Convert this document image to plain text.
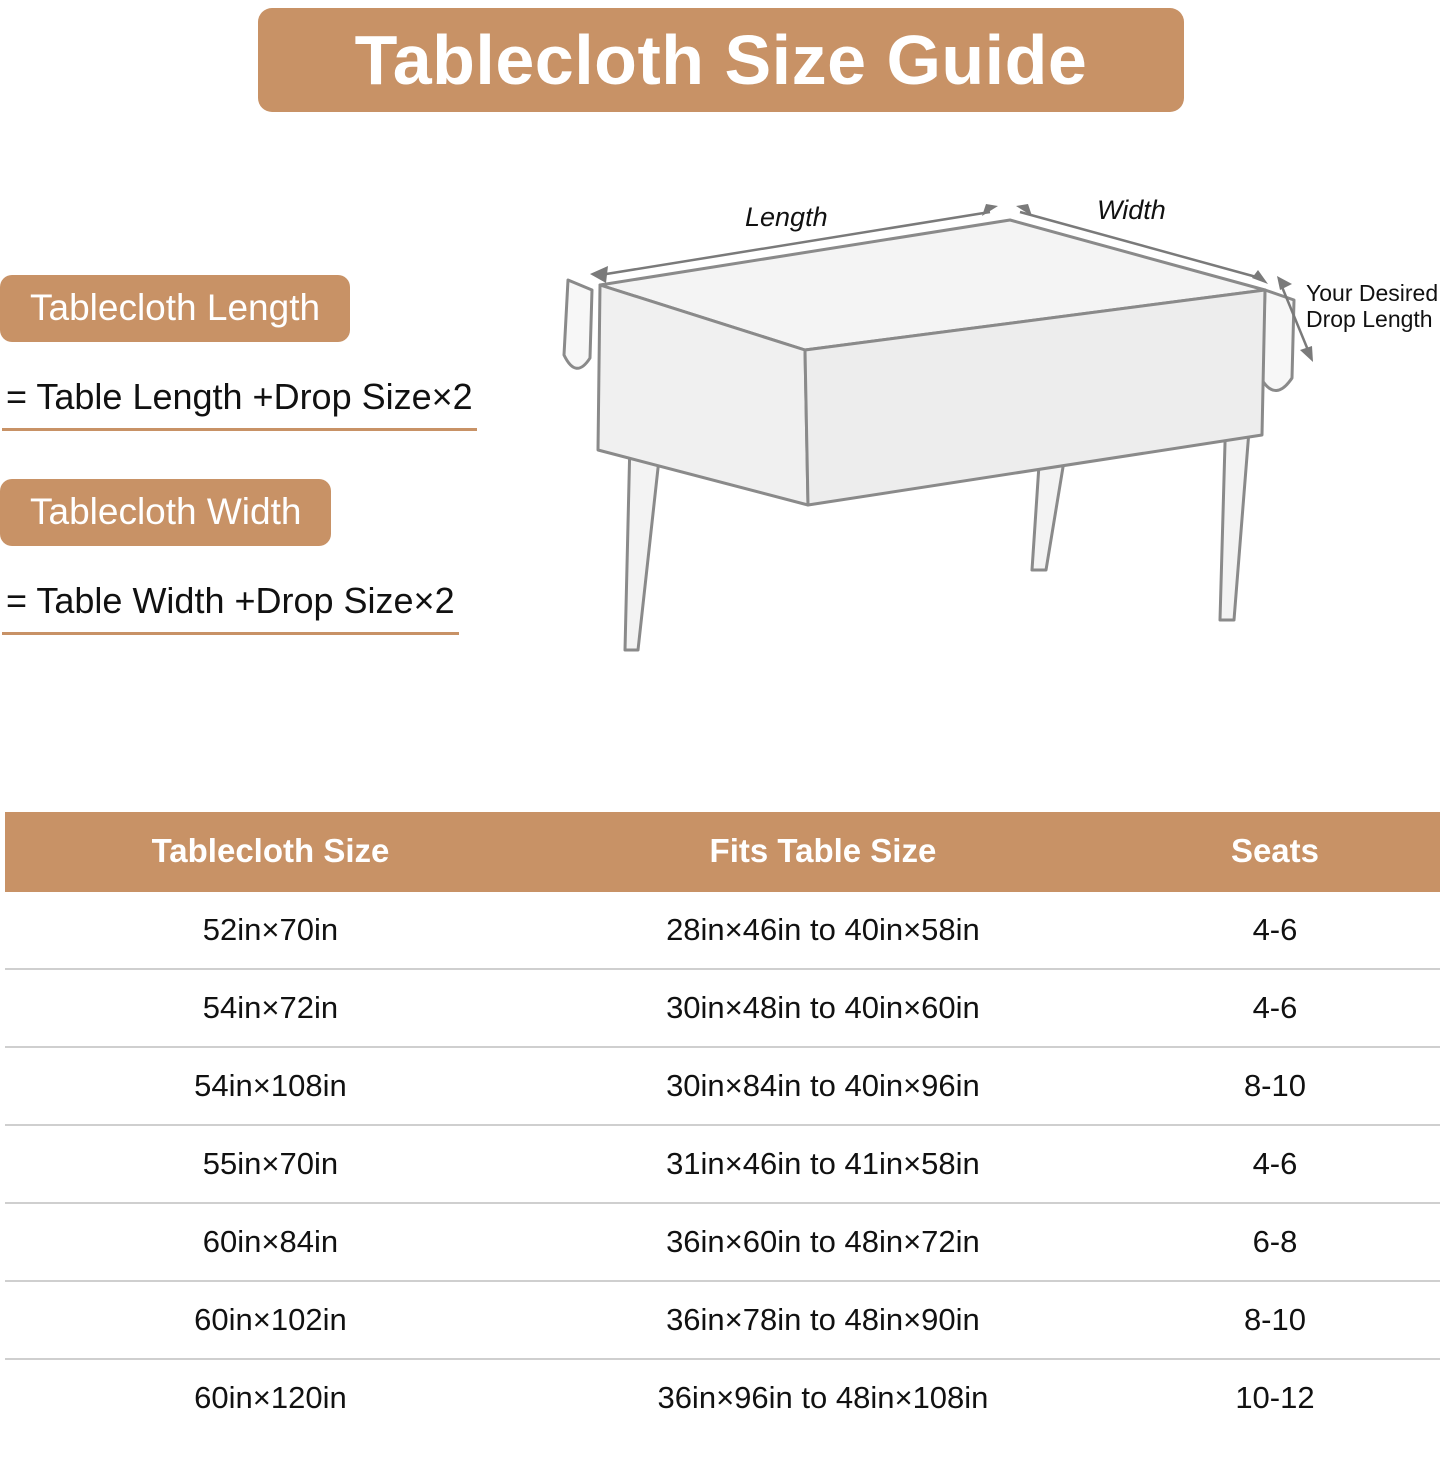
Tablecloth Size Guide
Tablecloth Length
= Table Length +Drop Size×2
Tablecloth Width
= Table Width +Drop Size×2
Length	Width
Your Desired
Drop Length
Tablecloth Size	Fits Table Size	Seats
52in×70in	28in×46in to 40in×58in	4-6
54in×72in	30in×48in to 40in×60in	4-6
54in×108in	30in×84in to 40in×96in	8-10
55in×70in	31in×46in to 41in×58in	4-6
60in×84in	36in×60in to 48in×72in	6-8
60in×102in	36in×78in to 48in×90in	8-10
60in×120in	36in×96in to 48in×108in	10-12
